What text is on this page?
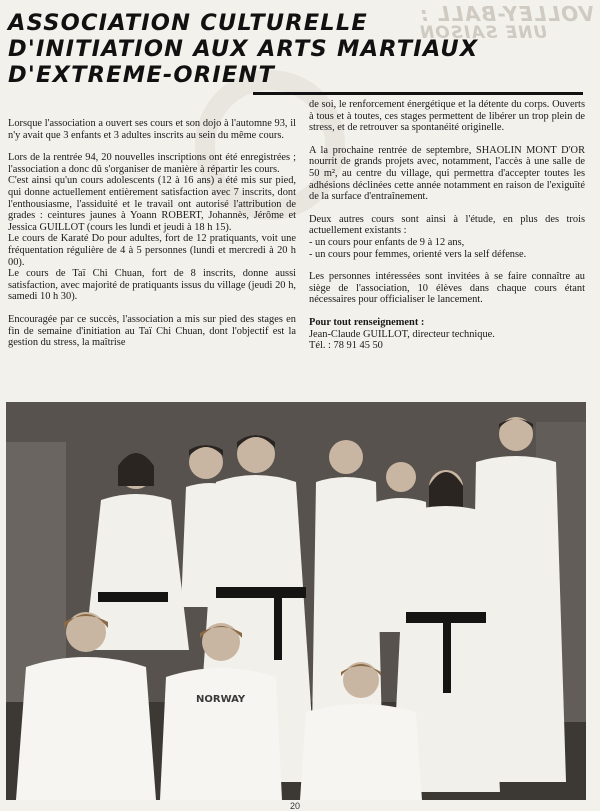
VOLLEY-BALL :
UNE SAISON
ASSOCIATION CULTURELLE
D'INITIATION AUX ARTS MARTIAUX
D'EXTREME-ORIENT

Lorsque l'association a ouvert ses cours et son dojo à l'automne 93, il n'y avait que 3 enfants et 3 adultes inscrits au sein du même cours.

Lors de la rentrée 94, 20 nouvelles inscriptions ont été enregistrées ; l'association a donc dû s'organiser de manière à répartir les cours.

C'est ainsi qu'un cours adolescents (12 à 16 ans) a été mis sur pied, qui donne actuellement entièrement satisfaction avec 7 inscrits, dont l'enthousiasme, l'assiduité et le travail ont autorisé l'attribution de grades : ceintures jaunes à Yoann ROBERT, Johannès, Jérôme et Jessica GUILLOT (cours les lundi et jeudi à 18 h 15).

Le cours de Karaté Do pour adultes, fort de 12 pratiquants, voit une fréquentation régulière de 4 à 5 personnes (lundi et mercredi à 20 h 00).

Le cours de Taï Chi Chuan, fort de 8 inscrits, donne aussi satisfaction, avec majorité de pratiquants issus du village (jeudi 20 h, samedi 10 h 30).

Encouragée par ce succès, l'association a mis sur pied des stages en fin de semaine d'initiation au Taï Chi Chuan, dont l'objectif est la gestion du stress, la maîtrise

de soi, le renforcement énergétique et la détente du corps. Ouverts à tous et à toutes, ces stages permettent de libérer un trop plein de stress, et de retrouver sa spontanéité originelle.

A la prochaine rentrée de septembre, SHAOLIN MONT D'OR nourrit de grands projets avec, notamment, l'accès à une salle de 50 m², au centre du village, qui permettra d'accepter toutes les adhésions déclinées cette année notamment en raison de l'exiguïté de la surface d'entraînement.

Deux autres cours sont ainsi à l'étude, en plus des trois actuellement existants :
- un cours pour enfants de 9 à 12 ans,
- un cours pour femmes, orienté vers la self défense.

Les personnes intéressées sont invitées à se faire connaître au siège de l'association, 10 élèves dans chaque cours étant nécessaires pour officialiser le lancement.

Pour tout renseignement :
Jean-Claude GUILLOT, directeur technique.
Tél. : 78 91 45 50

NORWAY
20
